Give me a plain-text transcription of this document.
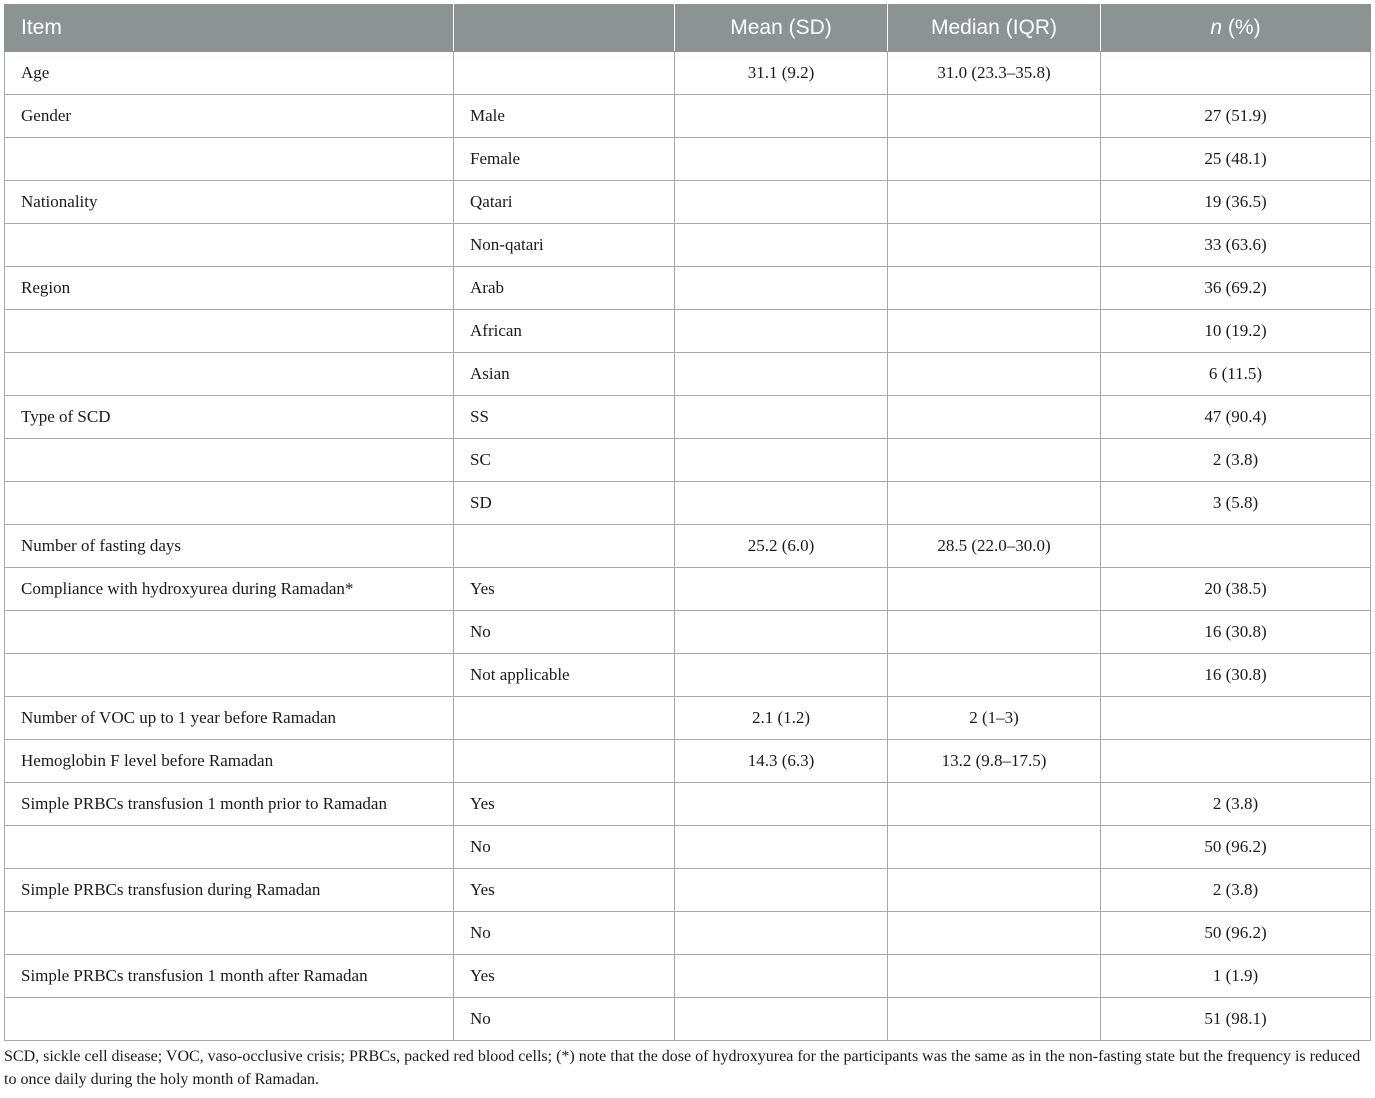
Item		Mean (SD)	Median (IQR)	n (%)
Age		31.1 (9.2)	31.0 (23.3–35.8)	
Gender	Male			27 (51.9)
	Female			25 (48.1)
Nationality	Qatari			19 (36.5)
	Non-qatari			33 (63.6)
Region	Arab			36 (69.2)
	African			10 (19.2)
	Asian			6 (11.5)
Type of SCD	SS			47 (90.4)
	SC			2 (3.8)
	SD			3 (5.8)
Number of fasting days		25.2 (6.0)	28.5 (22.0–30.0)	
Compliance with hydroxyurea during Ramadan*	Yes			20 (38.5)
	No			16 (30.8)
	Not applicable			16 (30.8)
Number of VOC up to 1 year before Ramadan		2.1 (1.2)	2 (1–3)	
Hemoglobin F level before Ramadan		14.3 (6.3)	13.2 (9.8–17.5)	
Simple PRBCs transfusion 1 month prior to Ramadan	Yes			2 (3.8)
	No			50 (96.2)
Simple PRBCs transfusion during Ramadan	Yes			2 (3.8)
	No			50 (96.2)
Simple PRBCs transfusion 1 month after Ramadan	Yes			1 (1.9)
	No			51 (98.1)
SCD, sickle cell disease; VOC, vaso-occlusive crisis; PRBCs, packed red blood cells; (*) note that the dose of hydroxyurea for the participants was the same as in the non-fasting state but the frequency is reduced to once daily during the holy month of Ramadan.
